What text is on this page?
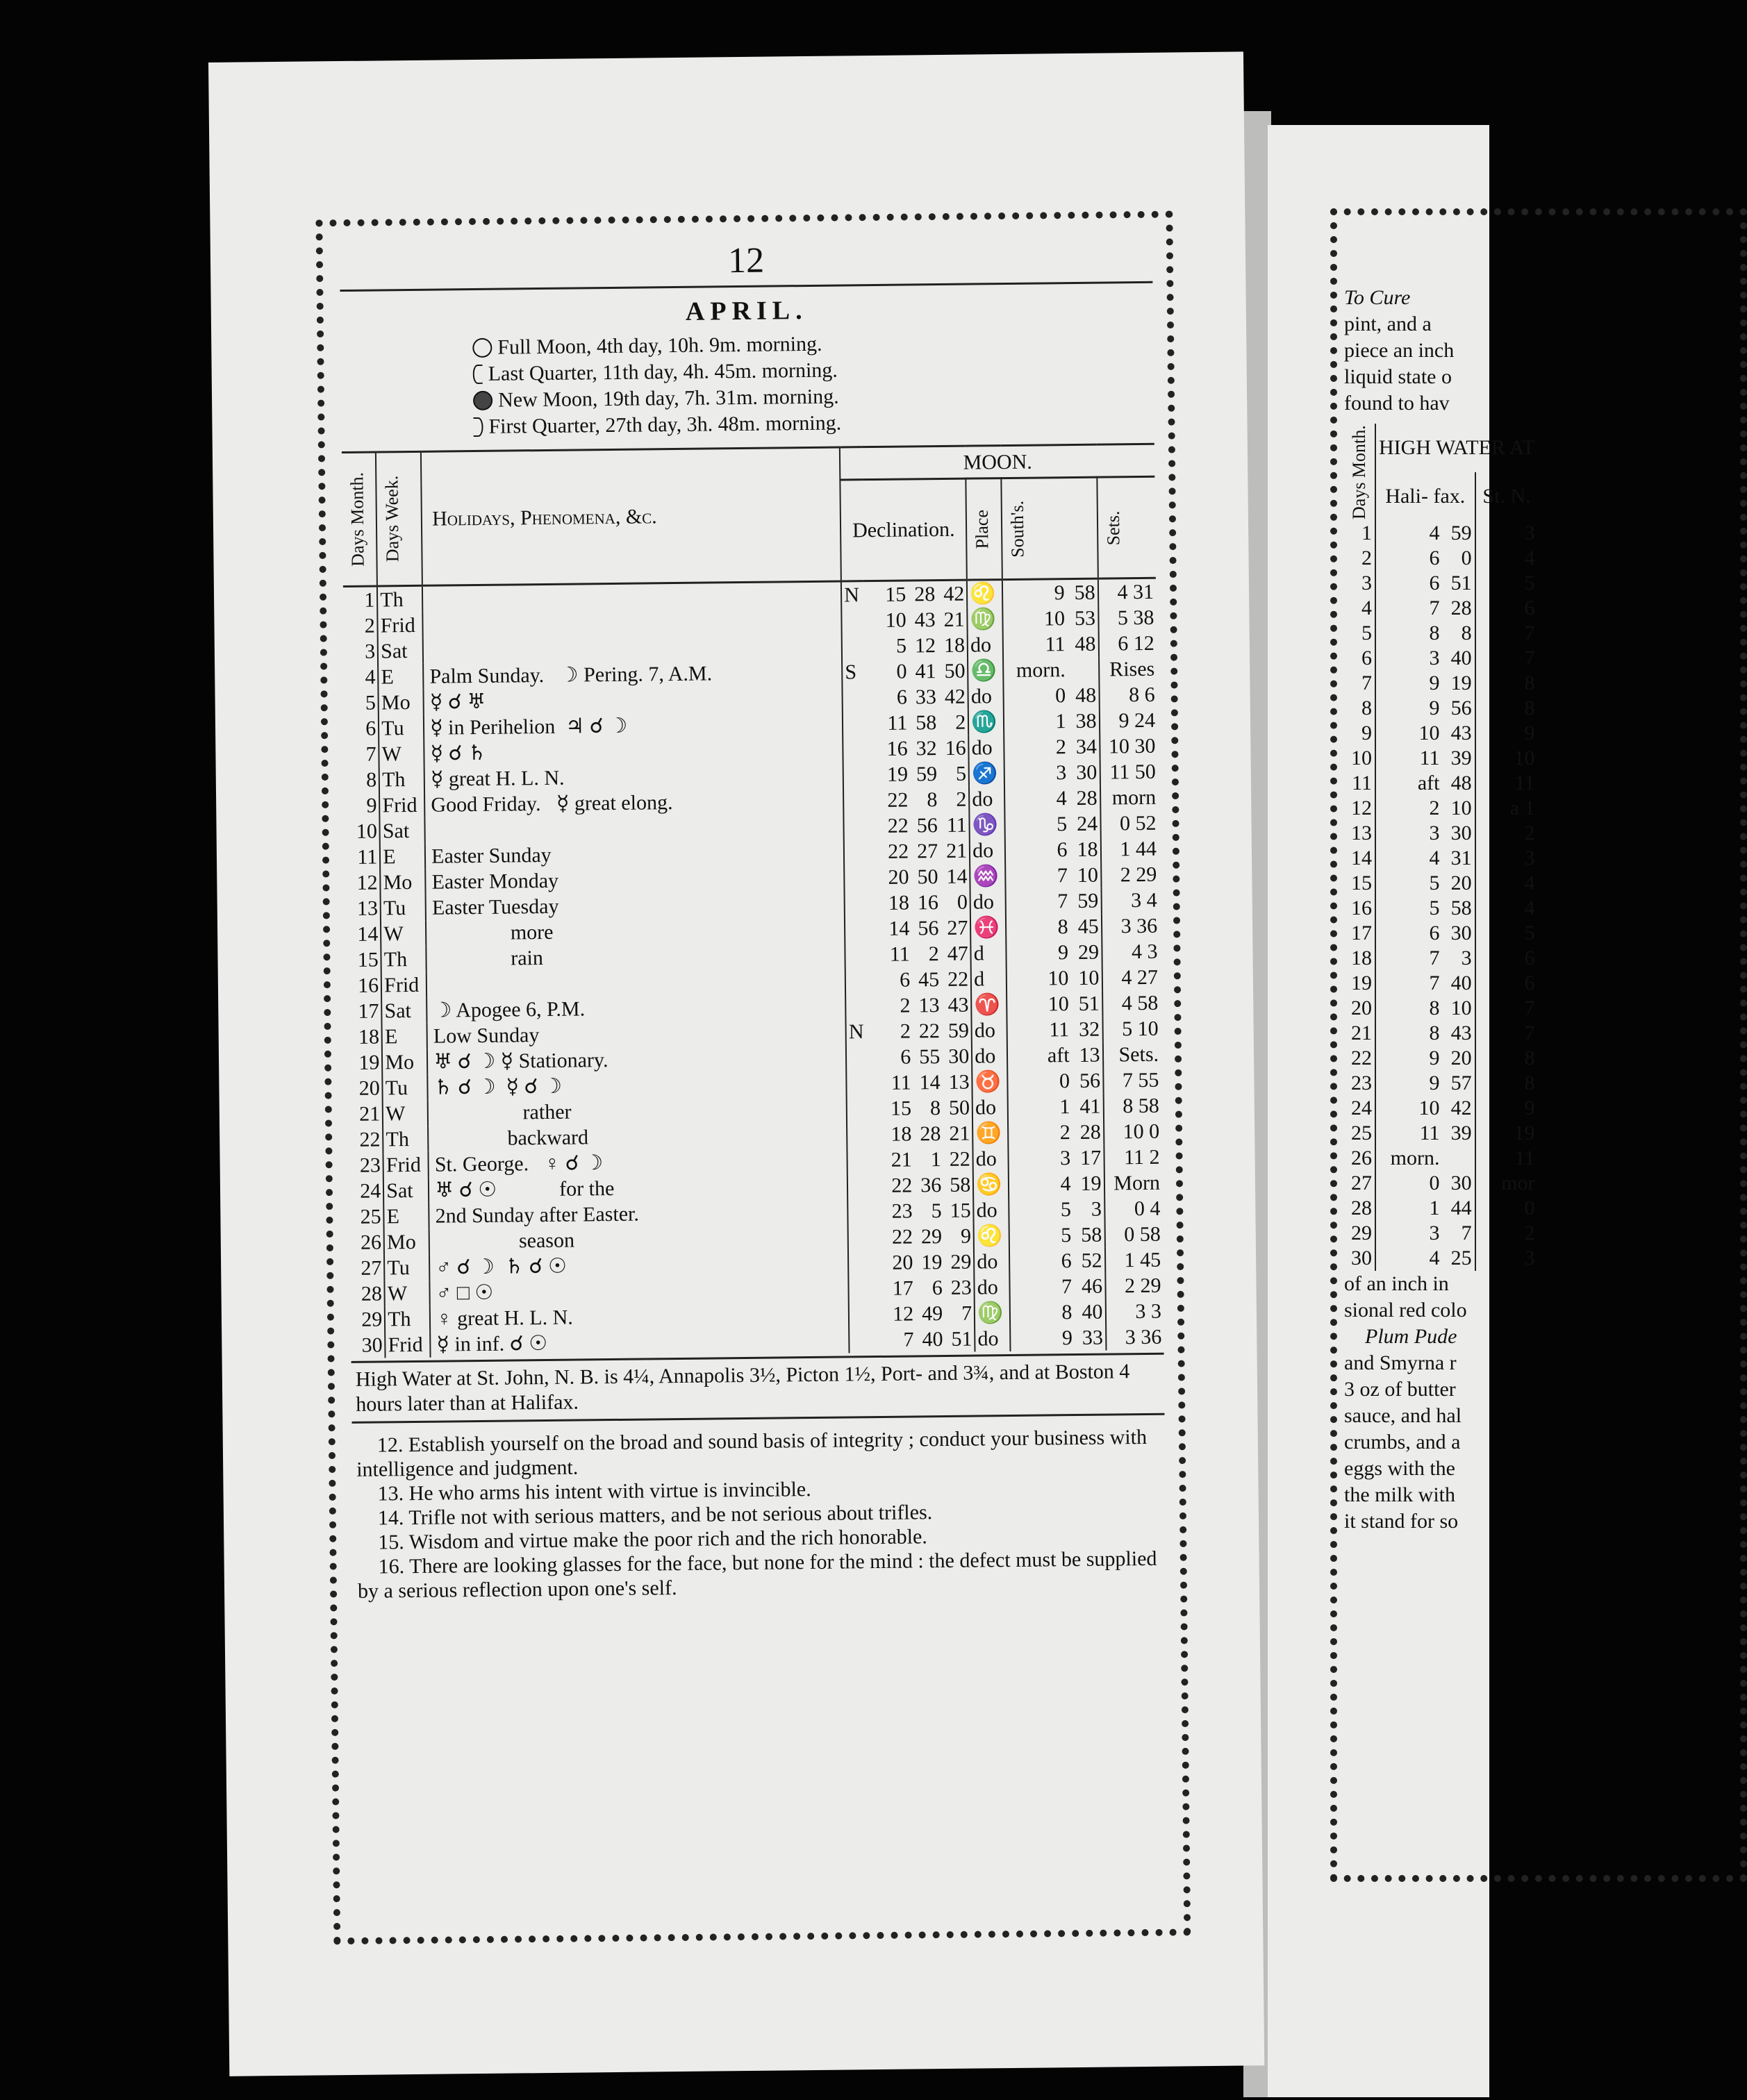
12
APRIL.
Full Moon, 4th day, 10h. 9m. morning.
Last Quarter, 11th day, 4h. 45m. morning.
New Moon, 19th day, 7h. 31m. morning.
First Quarter, 27th day, 3h. 48m. morning.
Days Month.	Days Week.	Holidays, Phenomena, &c.	MOON.				
			Declination.		Place	South's.	Sets.

1	Th		N	15 28 42	♌	9 58	4 31
2	Frid			10 43 21	♍	10 53	5 38
3	Sat			5 12 18	do	11 48	6 12
4	E	Palm Sunday.   ☽ Pering. 7, A.M.	S	0 41 50	♎	morn.	Rises
5	Mo	☿ ☌ ♅		6 33 42	do	0 48	8 6
6	Tu	☿ in Perihelion  ♃ ☌ ☽		11 58 2	♏	1 38	9 24
7	W	☿ ☌ ♄		16 32 16	do	2 34	10 30
8	Th	☿ great H. L. N.		19 59 5	♐	3 30	11 50
9	Frid	Good Friday.   ☿ great elong.		22 8 2	do	4 28	morn
10	Sat			22 56 11	♑	5 24	0 52
11	E	Easter Sunday		22 27 21	do	6 18	1 44
12	Mo	Easter Monday		20 50 14	♒	7 10	2 29
13	Tu	Easter Tuesday		18 16 0	do	7 59	3 4
14	W	more		14 56 27	♓	8 45	3 36
15	Th	rain		11 2 47	d	9 29	4 3
16	Frid			6 45 22	d	10 10	4 27
17	Sat	☽ Apogee 6, P.M.		2 13 43	♈	10 51	4 58
18	E	Low Sunday	N	2 22 59	do	11 32	5 10
19	Mo	♅ ☌ ☽ ☿ Stationary.		6 55 30	do	aft 13	Sets.
20	Tu	♄ ☌ ☽  ☿ ☌ ☽		11 14 13	♉	0 56	7 55
21	W	rather		15 8 50	do	1 41	8 58
22	Th	backward		18 28 21	♊	2 28	10 0
23	Frid	St. George.   ♀ ☌ ☽		21 1 22	do	3 17	11 2
24	Sat	♅ ☌ ☉            for the		22 36 58	♋	4 19	Morn
25	E	2nd Sunday after Easter.		23 5 15	do	5 3	0 4
26	Mo	season		22 29 9	♌	5 58	0 58
27	Tu	♂ ☌ ☽  ♄ ☌ ☉		20 19 29	do	6 52	1 45
28	W	♂ □ ☉		17 6 23	do	7 46	2 29
29	Th	♀ great H. L. N.		12 49 7	♍	8 40	3 3
30	Frid	☿ in inf. ☌ ☉		7 40 51	do	9 33	3 36
High Water at St. John, N. B. is 4¼, Annapolis 3½, Picton 1½, Port- and 3¾, and at Boston 4 hours later than at Halifax.
12. Establish yourself on the broad and sound basis of integrity ; conduct your business with intelligence and judgment.
13. He who arms his intent with virtue is invincible.
14. Trifle not with serious matters, and be not serious about trifles.
15. Wisdom and virtue make the poor rich and the rich honorable.
16. There are looking glasses for the face, but none for the mind : the defect must be supplied by a serious reflection upon one's self.
To Cure
pint, and a
piece an inch
liquid state o
found to hav
Days Month.	HIGH WATER AT		
	Hali- fax.		St. N.
1	4	59	3
2	6	0	4
3	6	51	5
4	7	28	6
5	8	8	7
6	3	40	7
7	9	19	8
8	9	56	8
9	10	43	9
10	11	39	10
11	aft	48	11
12	2	10	a 1
13	3	30	2
14	4	31	3
15	5	20	4
16	5	58	4
17	6	30	5
18	7	3	6
19	7	40	6
20	8	10	7
21	8	43	7
22	9	20	8
23	9	57	8
24	10	42	9
25	11	39	19
26	morn.		11
27	0	30	mor
28	1	44	0
29	3	7	2
30	4	25	3
of an inch in
sional red colo
Plum Pude
and Smyrna r
3 oz of butter
sauce, and hal
crumbs, and a
eggs with the
the milk with
it stand for so
